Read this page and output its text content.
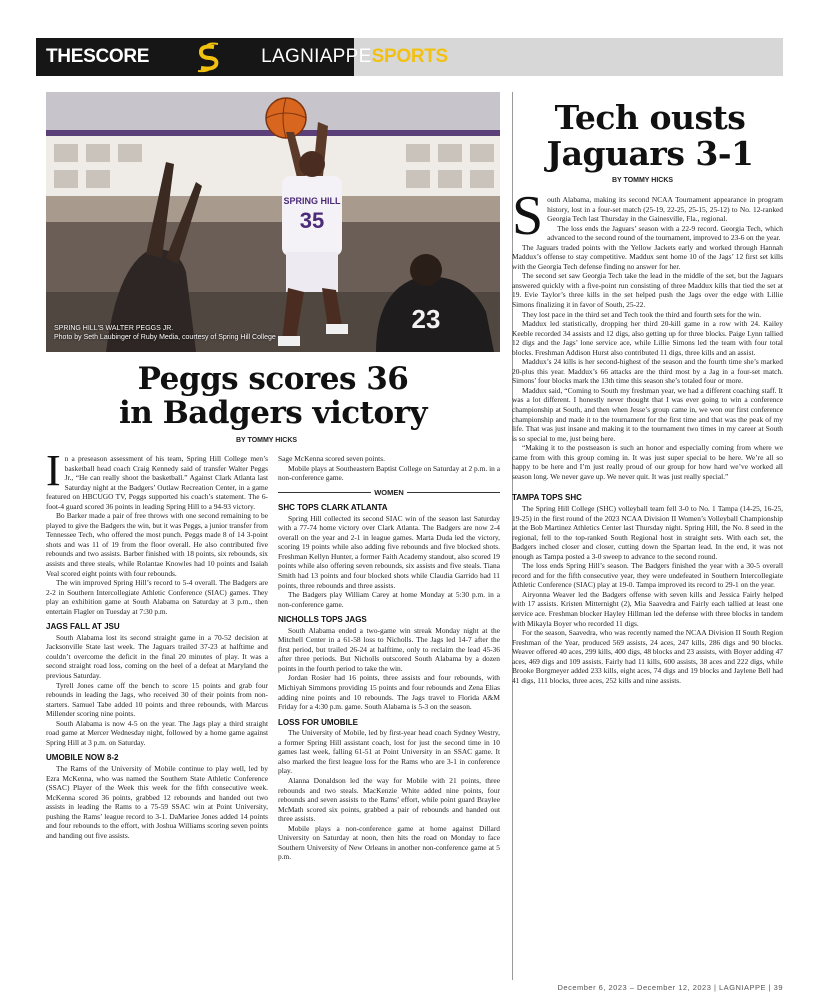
THESCORE	LAGNIAPPE SPORTS
SPRING HILL
35
23
SPRING HILL'S WALTER PEGGS JR.
Photo by Seth Laubinger of Ruby Media, courtesy of Spring Hill College
Peggs scores 36
in Badgers victory
BY TOMMY HICKS
I n a preseason assessment of his team, Spring Hill College men’s basketball head coach Craig Kennedy said of transfer Walter Peggs Jr., “He can really shoot the basketball.” Against Clark Atlanta last Saturday night at the Badgers’ Outlaw Recreation Center, in a game featured on HBCUGO TV, Peggs supported his coach’s statement. The 6-foot-4 guard scored 36 points in leading Spring Hill to a 94-93 victory.

Bo Barker made a pair of free throws with one second remaining to be played to give the Badgers the win, but it was Peggs, a junior transfer from Tennessee Tech, who offered the most punch. Peggs made 8 of 14 3-point shots and was 11 of 19 from the floor overall. He also contributed five rebounds and two assists. Barber finished with 18 points, six rebounds, six assists and three steals, while Rolantae Knowles had 10 points and Isaiah Veal scored eight points with four rebounds.

The win improved Spring Hill’s record to 5-4 overall. The Badgers are 2-2 in Southern Intercollegiate Athletic Conference (SIAC) games. They play an exhibition game at South Alabama on Saturday at 3 p.m., then entertain Flagler on Tuesday at 7:30 p.m.

JAGS FALL AT JSU

South Alabama lost its second straight game in a 70-52 decision at Jacksonville State last week. The Jaguars trailed 37-23 at halftime and couldn’t overcome the deficit in the final 20 minutes of play. It was a second straight road loss, coming on the heel of a defeat at Maryland the previous Saturday.

Tyrell Jones came off the bench to score 15 points and grab four rebounds in leading the Jags, who received 30 of their points from non-starters. Samuel Tabe added 10 points and three rebounds, with Marcus Millender scoring nine points.

South Alabama is now 4-5 on the year. The Jags play a third straight road game at Mercer Wednesday night, followed by a home game against Spring Hill at 3 p.m. on Saturday.

UMOBILE NOW 8-2

The Rams of the University of Mobile continue to play well, led by Ezra McKenna, who was named the Southern State Athletic Conference (SSAC) Player of the Week this week for the fifth consecutive week. McKenna scored 36 points, grabbed 12 rebounds and handed out two assists in leading the Rams to a 75-59 SSAC win at Point University, pushing the Rams’ league record to 3-1. DaMariee Jones added 14 points and four rebounds to the effort, with Joshua Williams scoring seven points and handing out five assists.

Sage McKenna scored seven points.

Mobile plays at Southeastern Baptist College on Saturday at 2 p.m. in a non-conference game.

WOMEN
SHC TOPS CLARK ATLANTA

Spring Hill collected its second SIAC win of the season last Saturday with a 77-74 home victory over Clark Atlanta. The Badgers are now 2-4 overall on the year and 2-1 in league games. Marta Duda led the victory, scoring 19 points while also adding five rebounds and five blocked shots. Freshman Kellyn Hunter, a former Faith Academy standout, also scored 19 points while also offering seven rebounds, six assists and five steals. Tiana Smith had 13 points and four blocked shots while Claudia Garrido had 11 points, three rebounds and three assists.

The Badgers play William Carey at home Monday at 5:30 p.m. in a non-conference game.

NICHOLLS TOPS JAGS

South Alabama ended a two-game win streak Monday night at the Mitchell Center in a 61-58 loss to Nicholls. The Jags led 14-7 after the first period, but trailed 26-24 at halftime, only to reclaim the lead 45-36 after three periods. But Nicholls outscored South Alabama by a dozen points in the fourth period to take the win.

Jordan Rosier had 16 points, three assists and four rebounds, with Michiyah Simmons providing 15 points and four rebounds and Zena Elias adding nine points and 10 rebounds. The Jags travel to Florida A&M Friday for a 4:30 p.m. game. South Alabama is 5-3 on the season.

LOSS FOR UMOBILE

The University of Mobile, led by first-year head coach Sydney Westry, a former Spring Hill assistant coach, lost for just the second time in 10 games last week, falling 61-51 at Point University in an SSAC game. It also marked the first league loss for the Rams who are 3-1 in conference play.

Alanna Donaldson led the way for Mobile with 21 points, three rebounds and two steals. MacKenzie White added nine points, four rebounds and seven assists to the Rams’ effort, while point guard Braylee McMath scored six points, grabbed a pair of rebounds and handed out three assists.

Mobile plays a non-conference game at home against Dillard University on Saturday at noon, then hits the road on Monday to face Southern University of New Orleans in another non-conference game at 5 p.m.

Tech ousts
Jaguars 3-1
BY TOMMY HICKS
S outh Alabama, making its second NCAA Tournament appearance in program history, lost in a four-set match (25-19, 22-25, 25-15, 25-12) to No. 12-ranked Georgia Tech last Thursday in the Gainesville, Fla., regional.

The loss ends the Jaguars’ season with a 22-9 record. Georgia Tech, which advanced to the second round of the tournament, improved to 23-6 on the year.

The Jaguars traded points with the Yellow Jackets early and worked through Hannah Maddux’s offense to stay competitive. Maddux sent home 10 of the Jags’ 12 first set kills with the Georgia Tech defense finding no answer for her.

The second set saw Georgia Tech take the lead in the middle of the set, but the Jaguars answered quickly with a five-point run consisting of three Maddux kills that tied the set at 19. Evie Taylor’s three kills in the set helped push the Jags over the edge with Lillie Simons finalizing it in favor of South, 25-22.

They lost pace in the third set and Tech took the third and fourth sets for the win.

Maddux led statistically, dropping her third 20-kill game in a row with 24. Kailey Keeble recorded 34 assists and 12 digs, also getting up for three blocks. Paige Lynn tallied 12 digs and the Jags’ lone service ace, while Lillie Simons led the team with four total blocks. Freshman Addison Hurst also contributed 11 digs, three kills and an assist.

Maddux’s 24 kills is her second-highest of the season and the fourth time she’s marked 20-plus this year. Maddux’s 66 attacks are the third most by a Jag in a four-set match. Simons’ four blocks mark the 13th time this season she’s totaled four or more.

Maddux said, “Coming to South my freshman year, we had a different coaching staff. It was a lot different. I honestly never thought that I was ever going to win a conference championship at South, and then when Jesse’s group came in, we won our first conference championship and made it to the tournament for the first time and that was the peak of my life. That was just insane and making it to the tournament two times in my career at South is so special to me, just being here.

“Making it to the postseason is such an honor and especially coming from where we came from with this group coming in. It was just super special to be here. We’re all so happy to be here and I’m just really proud of our group for how hard we’ve worked all season long. We never gave up. We never quit. It was just really special.”

TAMPA TOPS SHC

The Spring Hill College (SHC) volleyball team fell 3-0 to No. 1 Tampa (14-25, 16-25, 19-25) in the first round of the 2023 NCAA Division II Women’s Volleyball Championship at the Bob Martinez Athletics Center last Thursday night. Spring Hill, the No. 8 seed in the regional, fell to the top-ranked South Regional host in straight sets. With each set, the Badgers inched closer and closer, cutting down the Spartan lead. In the end, it was not enough as Tampa posted a 3-0 sweep to advance to the second round.

The loss ends Spring Hill’s season. The Badgers finished the year with a 30-5 overall record and for the fifth consecutive year, they were undefeated in Southern Intercollegiate Athletic Conference (SIAC) play at 19-0. Tampa improved its record to 29-1 on the year.

Airyonna Weaver led the Badgers offense with seven kills and Jessica Fairly helped with 17 assists. Kristen Mitternight (2), Mia Saavedra and Fairly each tallied at least one service ace. Freshman blocker Hayley Hillman led the defense with three blocks in tandem with Mikayla Boyer who recorded 11 digs.

For the season, Saavedra, who was recently named the NCAA Division II South Region Freshman of the Year, produced 569 assists, 24 aces, 247 kills, 286 digs and 90 blocks. Weaver offered 40 aces, 299 kills, 400 digs, 48 blocks and 23 assists, with Boyer adding 47 aces, 469 digs and 109 assists. Fairly had 11 kills, 600 assists, 38 aces and 222 digs, while Brooke Borgmeyer added 233 kills, eight aces, 74 digs and 19 blocks and Jaylene Bell had 41 digs, 111 blocks, three aces, 252 kills and nine assists.

December 6, 2023 – December 12, 2023 | LAGNIAPPE | 39
